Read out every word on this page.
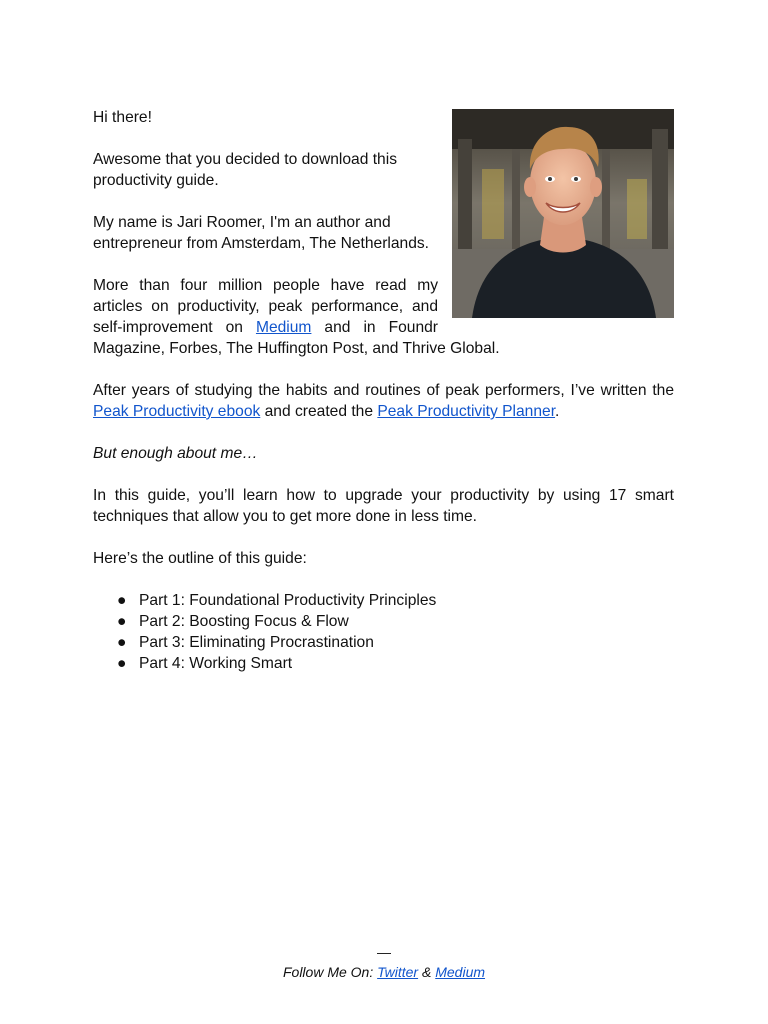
Hi there!

Awesome that you decided to download this productivity guide.

My name is Jari Roomer, I'm an author and entrepreneur from Amsterdam, The Netherlands.

More than four million people have read my articles on productivity, peak performance, and self-improvement on Medium and in Foundr Magazine, Forbes, The Huffington Post, and Thrive Global.

After years of studying the habits and routines of peak performers, I’ve written the Peak Productivity ebook and created the Peak Productivity Planner.

But enough about me…

In this guide, you’ll learn how to upgrade your productivity by using 17 smart techniques that allow you to get more done in less time.

Here’s the outline of this guide:

● Part 1: Foundational Productivity Principles
● Part 2: Boosting Focus & Flow
● Part 3: Eliminating Procrastination
● Part 4: Working Smart
—
Follow Me On: Twitter & Medium
